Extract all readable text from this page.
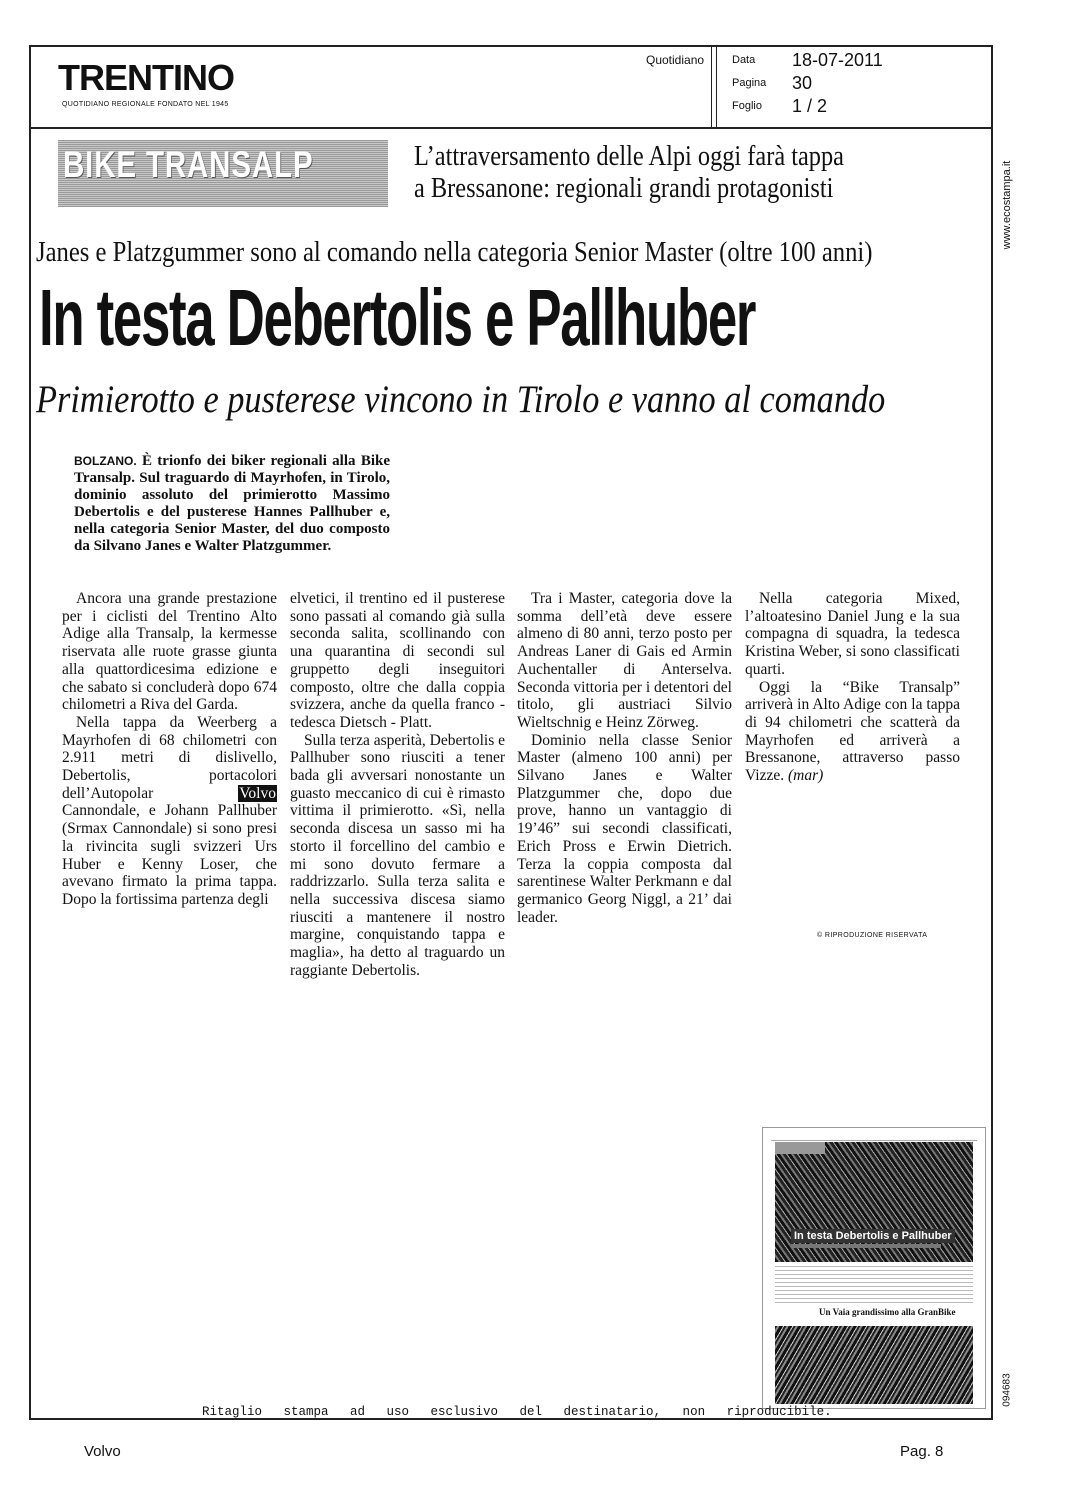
TRENTINO
QUOTIDIANO REGIONALE FONDATO NEL 1945
Quotidiano	Data 18-07-2011
Pagina 30
Foglio 1 / 2
www.ecostampa.it
094683
BIKE TRANSALP	L’attraversamento delle Alpi oggi farà tappa
a Bressanone: regionali grandi protagonisti
Janes e Platzgummer sono al comando nella categoria Senior Master (oltre 100 anni)
In testa Debertolis e Pallhuber
Primierotto e pusterese vincono in Tirolo e vanno al comando
BOLZANO. È trionfo dei biker regionali alla Bike Transalp. Sul traguardo di Mayrhofen, in Tirolo, dominio assoluto del primierotto Massimo Debertolis e del pusterese Hannes Pallhuber e, nella categoria Senior Master, del duo composto da Silvano Janes e Walter Platzgummer.

Ancora una grande prestazione per i ciclisti del Trentino Alto Adige alla Transalp, la kermesse riservata alle ruote grasse giunta alla quattordicesima edizione e che sabato si concluderà dopo 674 chilometri a Riva del Garda.

Nella tappa da Weerberg a Mayrhofen di 68 chilometri con 2.911 metri di dislivello, Debertolis, portacolori dell’Autopolar Volvo Cannondale, e Johann Pallhuber (Srmax Cannondale) si sono presi la rivincita sugli svizzeri Urs Huber e Kenny Loser, che avevano firmato la prima tappa. Dopo la fortissima partenza degli

elvetici, il trentino ed il pusterese sono passati al comando già sulla seconda salita, scollinando con una quarantina di secondi sul gruppetto degli inseguitori composto, oltre che dalla coppia svizzera, anche da quella franco - tedesca Dietsch - Platt.

Sulla terza asperità, Debertolis e Pallhuber sono riusciti a tener bada gli avversari nonostante un guasto meccanico di cui è rimasto vittima il primierotto. «Sì, nella seconda discesa un sasso mi ha storto il forcellino del cambio e mi sono dovuto fermare a raddrizzarlo. Sulla terza salita e nella successiva discesa siamo riusciti a mantenere il nostro margine, conquistando tappa e maglia», ha detto al traguardo un raggiante Debertolis.

Tra i Master, categoria dove la somma dell’età deve essere almeno di 80 anni, terzo posto per Andreas Laner di Gais ed Armin Auchentaller di Anterselva. Seconda vittoria per i detentori del titolo, gli austriaci Silvio Wieltschnig e Heinz Zörweg.

Dominio nella classe Senior Master (almeno 100 anni) per Silvano Janes e Walter Platzgummer che, dopo due prove, hanno un vantaggio di 19’46” sui secondi classificati, Erich Pross e Erwin Dietrich. Terza la coppia composta dal sarentinese Walter Perkmann e dal germanico Georg Niggl, a 21’ dai leader.

Nella categoria Mixed, l’altoatesino Daniel Jung e la sua compagna di squadra, la tedesca Kristina Weber, si sono classificati quarti.

Oggi la “Bike Transalp” arriverà in Alto Adige con la tappa di 94 chilometri che scatterà da Mayrhofen ed arriverà a Bressanone, attraverso passo Vizze. (mar)

© RIPRODUZIONE RISERVATA
In testa Debertolis e Pallhuber
Un Vaia grandissimo alla GranBike
Ritaglio stampa ad uso esclusivo del destinatario, non riproducibile.
Volvo	Pag. 8
